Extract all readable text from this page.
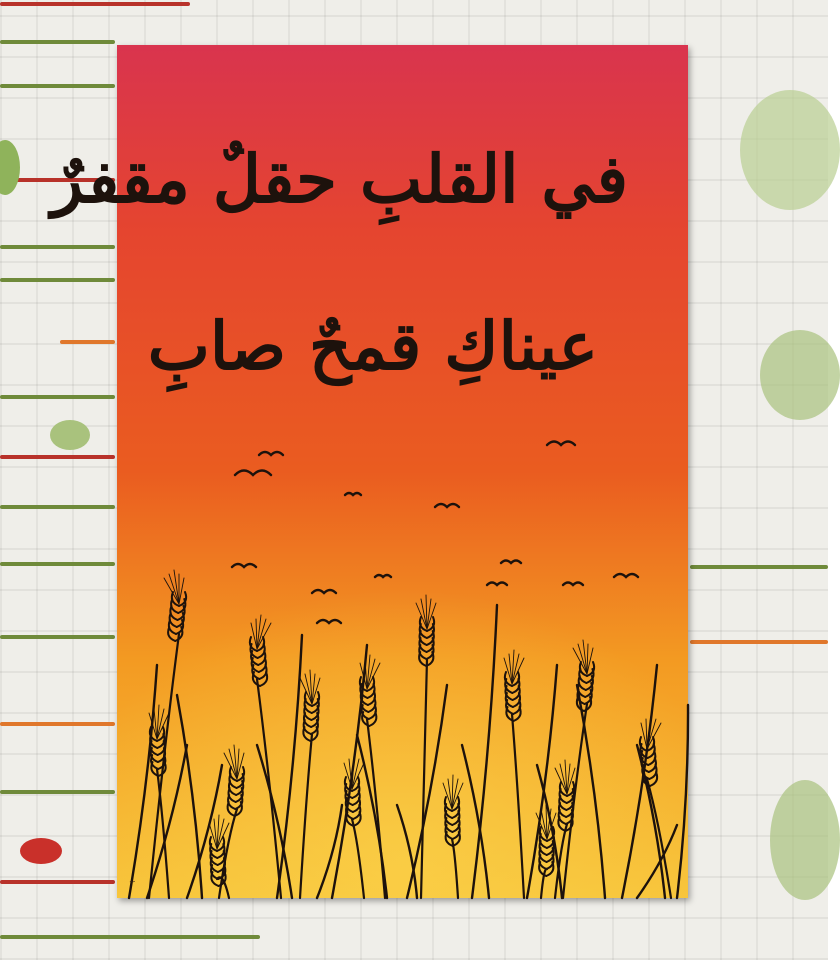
في القلبِ حقلٌ مقفرٌ

عيناكِ قمحٌ صابِ

~
